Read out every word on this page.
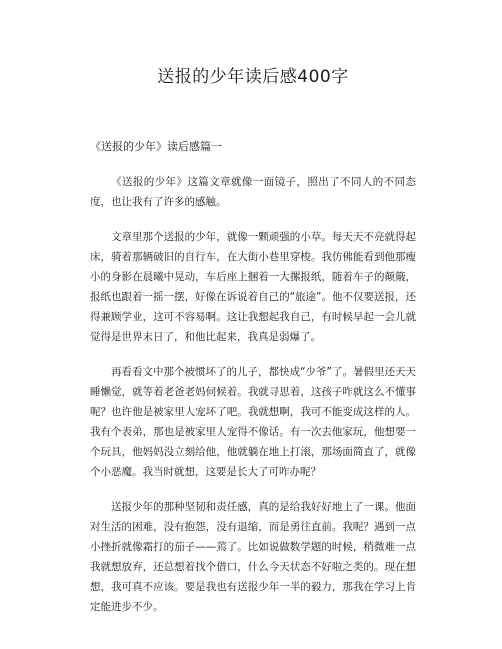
送报的少年读后感400字

《送报的少年》读后感篇一

《送报的少年》这篇文章就像一面镜子，照出了不同人的不同态度，也让我有了许多的感触。

文章里那个送报的少年，就像一颗顽强的小草。每天天不亮就得起床，骑着那辆破旧的自行车，在大街小巷里穿梭。我仿佛能看到他那瘦小的身影在晨曦中晃动，车后座上捆着一大摞报纸，随着车子的颠簸，报纸也跟着一摇一摆，好像在诉说着自己的“旅途”。他不仅要送报，还得兼顾学业，这可不容易啊。这让我想起我自己，有时候早起一会儿就觉得是世界末日了，和他比起来，我真是弱爆了。

再看看文中那个被惯坏了的儿子，都快成“少爷”了。暑假里还天天睡懒觉，就等着老爸老妈伺候着。我就寻思着，这孩子咋就这么不懂事呢？也许他是被家里人宠坏了吧。我就想啊，我可不能变成这样的人。我有个表弟，那也是被家里人宠得不像话。有一次去他家玩，他想要一个玩具，他妈妈没立刻给他，他就躺在地上打滚，那场面简直了，就像个小恶魔。我当时就想，这要是长大了可咋办呢？

送报少年的那种坚韧和责任感，真的是给我好好地上了一课。他面对生活的困难，没有抱怨，没有退缩，而是勇往直前。我呢？遇到一点小挫折就像霜打的茄子——蔫了。比如说做数学题的时候，稍微难一点我就想放弃，还总想着找个借口，什么今天状态不好啦之类的。现在想想，我可真不应该。要是我也有送报少年一半的毅力，那我在学习上肯定能进步不少。
